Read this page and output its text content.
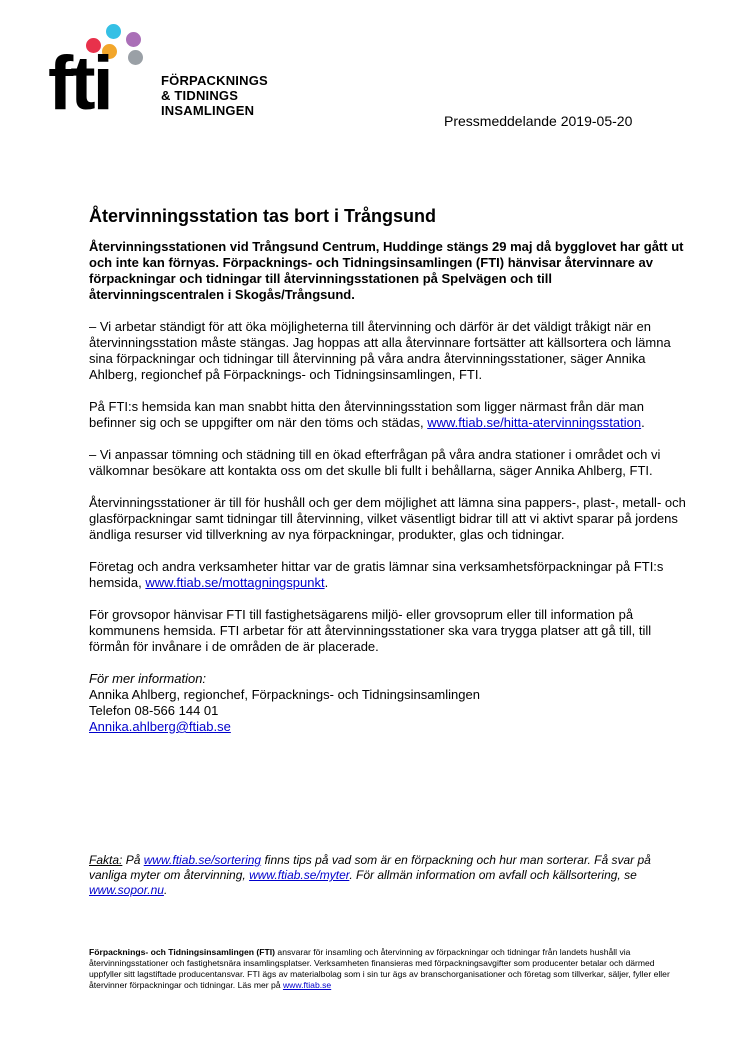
fti	FÖRPACKNINGS
& TIDNINGS
INSAMLINGEN
Pressmeddelande 2019-05-20
Återvinningsstation tas bort i Trångsund

Återvinningsstationen vid Trångsund Centrum, Huddinge stängs 29 maj då bygglovet har gått ut och inte kan förnyas. Förpacknings- och Tidningsinsamlingen (FTI) hänvisar återvinnare av förpackningar och tidningar till återvinningsstationen på Spelvägen och till återvinningscentralen i Skogås/Trångsund.

– Vi arbetar ständigt för att öka möjligheterna till återvinning och därför är det väldigt tråkigt när en återvinningsstation måste stängas. Jag hoppas att alla återvinnare fortsätter att källsortera och lämna sina förpackningar och tidningar till återvinning på våra andra återvinningsstationer, säger Annika Ahlberg, regionchef på Förpacknings- och Tidningsinsamlingen, FTI.

På FTI:s hemsida kan man snabbt hitta den återvinningsstation som ligger närmast från där man befinner sig och se uppgifter om när den töms och städas, www.ftiab.se/hitta-atervinningsstation.

– Vi anpassar tömning och städning till en ökad efterfrågan på våra andra stationer i området och vi välkomnar besökare att kontakta oss om det skulle bli fullt i behållarna, säger Annika Ahlberg, FTI.

Återvinningsstationer är till för hushåll och ger dem möjlighet att lämna sina pappers-, plast-, metall- och glasförpackningar samt tidningar till återvinning, vilket väsentligt bidrar till att vi aktivt sparar på jordens ändliga resurser vid tillverkning av nya förpackningar, produkter, glas och tidningar.

Företag och andra verksamheter hittar var de gratis lämnar sina verksamhetsförpackningar på FTI:s hemsida, www.ftiab.se/mottagningspunkt.

För grovsopor hänvisar FTI till fastighetsägarens miljö- eller grovsoprum eller till information på kommunens hemsida. FTI arbetar för att återvinningsstationer ska vara trygga platser att gå till, till förmån för invånare i de områden de är placerade.

För mer information:
Annika Ahlberg, regionchef, Förpacknings- och Tidningsinsamlingen
Telefon 08-566 144 01
Annika.ahlberg@ftiab.se
Fakta: På www.ftiab.se/sortering finns tips på vad som är en förpackning och hur man sorterar. Få svar på vanliga myter om återvinning, www.ftiab.se/myter. För allmän information om avfall och källsortering, se www.sopor.nu.
Förpacknings- och Tidningsinsamlingen (FTI) ansvarar för insamling och återvinning av förpackningar och tidningar från landets hushåll via återvinningsstationer och fastighetsnära insamlingsplatser. Verksamheten finansieras med förpackningsavgifter som producenter betalar och därmed uppfyller sitt lagstiftade producentansvar. FTI ägs av materialbolag som i sin tur ägs av branschorganisationer och företag som tillverkar, säljer, fyller eller återvinner förpackningar och tidningar. Läs mer på www.ftiab.se
